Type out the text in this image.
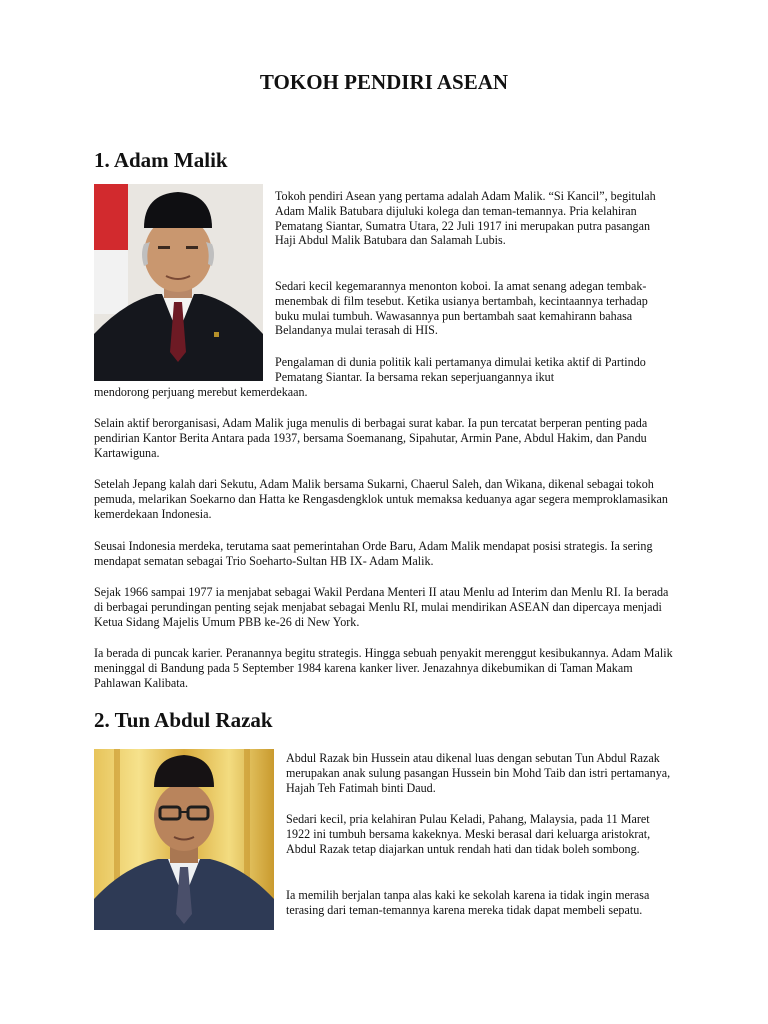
TOKOH PENDIRI ASEAN
1. Adam Malik

Tokoh pendiri Asean yang pertama adalah Adam Malik. “Si Kancil”, begitulah Adam Malik Batubara dijuluki kolega dan teman-temannya. Pria kelahiran Pematang Siantar, Sumatra Utara, 22 Juli 1917 ini merupakan putra pasangan Haji Abdul Malik Batubara dan Salamah Lubis.

Sedari kecil kegemarannya menonton koboi. Ia amat senang adegan tembak-menembak di film tesebut. Ketika usianya bertambah, kecintaannya terhadap buku mulai tumbuh. Wawasannya pun bertambah saat kemahirann bahasa Belandanya mulai terasah di HIS.

Pengalaman di dunia politik kali pertamanya dimulai ketika aktif di Partindo Pematang Siantar. Ia bersama rekan seperjuangannya ikut

mendorong perjuang merebut kemerdekaan.

Selain aktif berorganisasi, Adam Malik juga menulis di berbagai surat kabar. Ia pun tercatat berperan penting pada pendirian Kantor Berita Antara pada 1937, bersama Soemanang, Sipahutar, Armin Pane, Abdul Hakim, dan Pandu Kartawiguna.

Setelah Jepang kalah dari Sekutu, Adam Malik bersama Sukarni, Chaerul Saleh, dan Wikana, dikenal sebagai tokoh pemuda, melarikan Soekarno dan Hatta ke Rengasdengklok untuk memaksa keduanya agar segera memproklamasikan kemerdekaan Indonesia.

Seusai Indonesia merdeka, terutama saat pemerintahan Orde Baru, Adam Malik mendapat posisi strategis. Ia sering mendapat sematan sebagai Trio Soeharto-Sultan HB IX- Adam Malik.

Sejak 1966 sampai 1977 ia menjabat sebagai Wakil Perdana Menteri II atau Menlu ad Interim dan Menlu RI. Ia berada di berbagai perundingan penting sejak menjabat sebagai Menlu RI, mulai mendirikan ASEAN dan dipercaya menjadi Ketua Sidang Majelis Umum PBB ke-26 di New York.

Ia berada di puncak karier. Peranannya begitu strategis. Hingga sebuah penyakit merenggut kesibukannya. Adam Malik meninggal di Bandung pada 5 September 1984 karena kanker liver. Jenazahnya dikebumikan di Taman Makam Pahlawan Kalibata.

2. Tun Abdul Razak

Abdul Razak bin Hussein atau dikenal luas dengan sebutan Tun Abdul Razak merupakan anak sulung pasangan Hussein bin Mohd Taib dan istri pertamanya, Hajah Teh Fatimah binti Daud.

Sedari kecil, pria kelahiran Pulau Keladi, Pahang, Malaysia, pada 11 Maret 1922 ini tumbuh bersama kakeknya. Meski berasal dari keluarga aristokrat, Abdul Razak tetap diajarkan untuk rendah hati dan tidak boleh sombong.

Ia memilih berjalan tanpa alas kaki ke sekolah karena ia tidak ingin merasa terasing dari teman-temannya karena mereka tidak dapat membeli sepatu.
